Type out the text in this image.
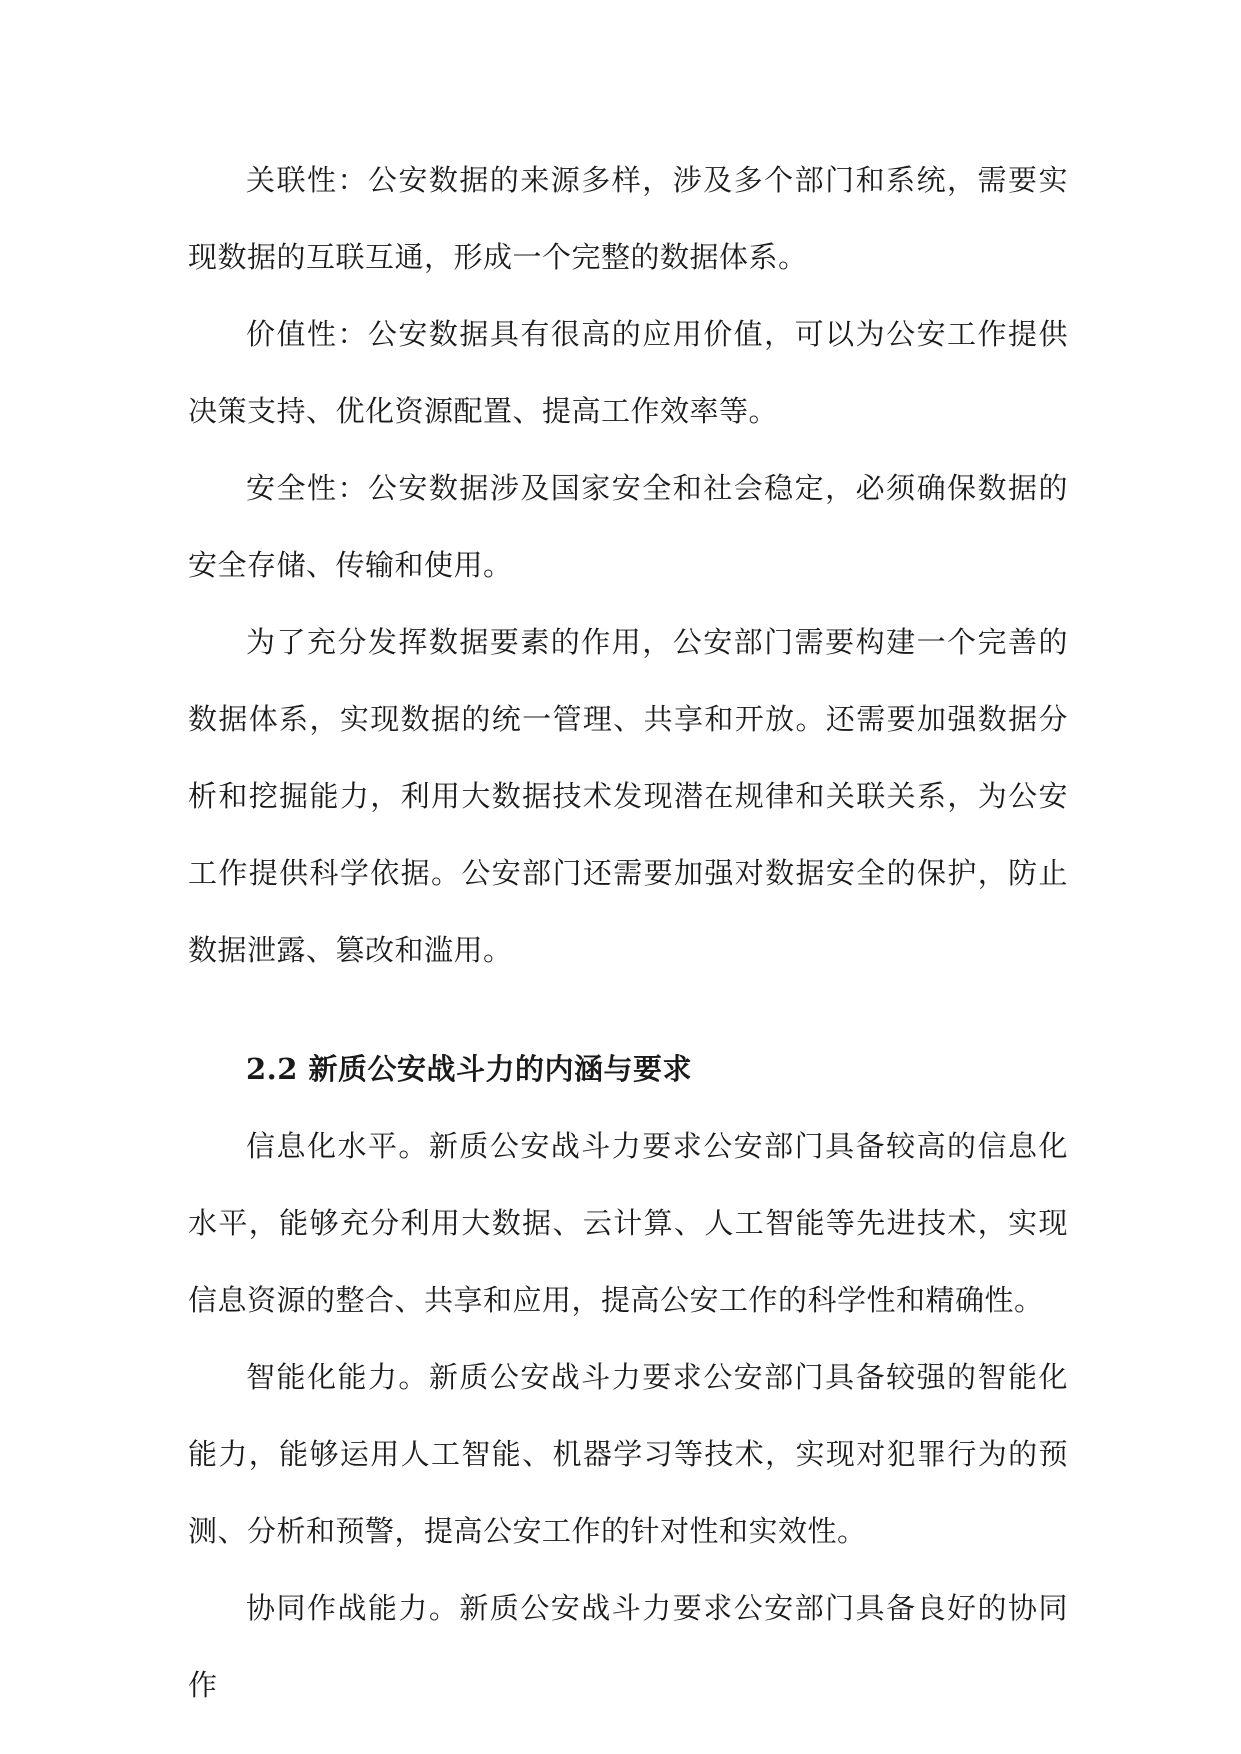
关联性：公安数据的来源多样，涉及多个部门和系统，需要实现数据的互联互通，形成一个完整的数据体系。

价值性：公安数据具有很高的应用价值，可以为公安工作提供决策支持、优化资源配置、提高工作效率等。

安全性：公安数据涉及国家安全和社会稳定，必须确保数据的安全存储、传输和使用。

为了充分发挥数据要素的作用，公安部门需要构建一个完善的数据体系，实现数据的统一管理、共享和开放。还需要加强数据分析和挖掘能力，利用大数据技术发现潜在规律和关联关系，为公安工作提供科学依据。公安部门还需要加强对数据安全的保护，防止数据泄露、篡改和滥用。

2.2 新质公安战斗力的内涵与要求

信息化水平。新质公安战斗力要求公安部门具备较高的信息化水平，能够充分利用大数据、云计算、人工智能等先进技术，实现信息资源的整合、共享和应用，提高公安工作的科学性和精确性。

智能化能力。新质公安战斗力要求公安部门具备较强的智能化能力，能够运用人工智能、机器学习等技术，实现对犯罪行为的预测、分析和预警，提高公安工作的针对性和实效性。

协同作战能力。新质公安战斗力要求公安部门具备良好的协同作
